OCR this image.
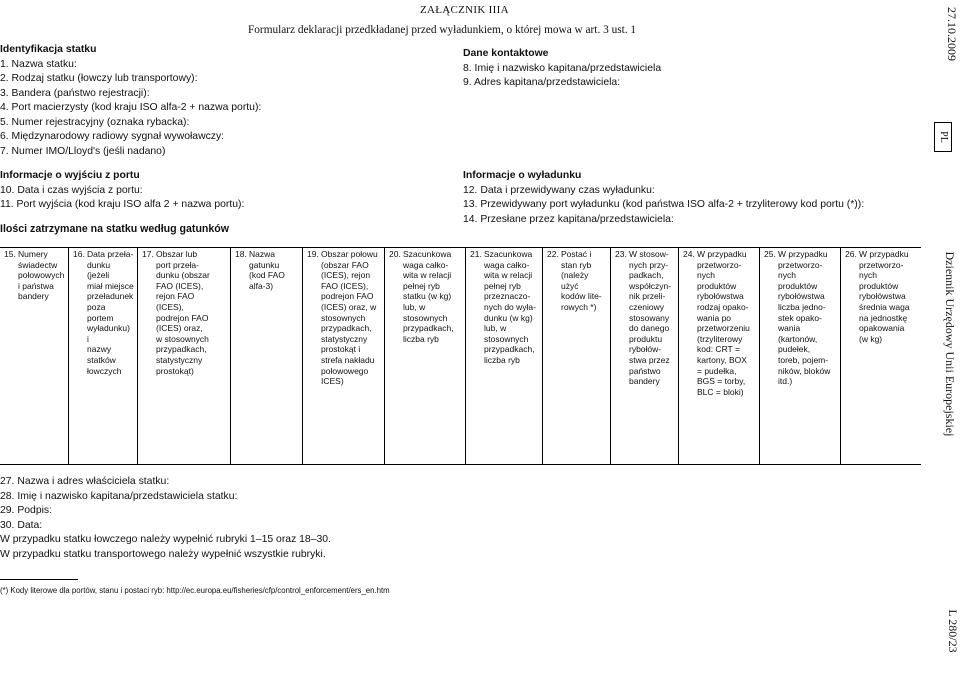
ZAŁĄCZNIK IIIA
Formularz deklaracji przedkładanej przed wyładunkiem, o której mowa w art. 3 ust. 1
Identyfikacja statku
1. Nazwa statku:
2. Rodzaj statku (łowczy lub transportowy):
3. Bandera (państwo rejestracji):
4. Port macierzysty (kod kraju ISO alfa-2 + nazwa portu):
5. Numer rejestracyjny (oznaka rybacka):
6. Międzynarodowy radiowy sygnał wywoławczy:
7. Numer IMO/Lloyd's (jeśli nadano)
Dane kontaktowe
8. Imię i nazwisko kapitana/przedstawiciela
9. Adres kapitana/przedstawiciela:
Informacje o wyjściu z portu
10. Data i czas wyjścia z portu:
11. Port wyjścia (kod kraju ISO alfa 2 + nazwa portu):
Informacje o wyładunku
12. Data i przewidywany czas wyładunku:
13. Przewidywany port wyładunku (kod państwa ISO alfa-2 + trzyliterowy kod portu (*)):
14. Przesłane przez kapitana/przedstawiciela:
Ilości zatrzymane na statku według gatunków
15. Numery
świadectw
połowowych
i państwa
bandery
16. Data przeła-
dunku (jeżeli
miał miejsce
przeładunek
poza portem
wyładunku) i
nazwy
statków
łowczych
17. Obszar lub
port przeła-
dunku (obszar
FAO (ICES),
rejon FAO
(ICES),
podrejon FAO
(ICES) oraz,
w stosownych
przypadkach,
statystyczny
prostokąt)
18. Nazwa
gatunku
(kod FAO
alfa-3)
19. Obszar połowu
(obszar FAO
(ICES), rejon
FAO (ICES),
podrejon FAO
(ICES) oraz, w
stosownych
przypadkach,
statystyczny
prostokąt i
strefa nakładu
połowowego
ICES)
20. Szacunkowa
waga całko-
wita w relacji
pełnej ryb
statku (w kg)
lub, w
stosownych
przypadkach,
liczba ryb
21. Szacunkowa
waga całko-
wita w relacji
pełnej ryb
przeznaczo-
nych do wyła-
dunku (w kg)
lub, w
stosownych
przypadkach,
liczba ryb
22. Postać i
stan ryb
(należy
użyć
kodów lite-
rowych *)
23. W stosow-
nych przy-
padkach,
współczyn-
nik przeli-
czeniowy
stosowany
do danego
produktu
rybołów-
stwa przez
państwo
bandery
24. W przypadku
przetworzo-
nych
produktów
rybołówstwa
rodzaj opako-
wania po
przetworzeniu
(trzyliterowy
kod: CRT =
kartony, BOX
= pudełka,
BGS = torby,
BLC = bloki)
25. W przypadku
przetworzo-
nych
produktów
rybołówstwa
liczba jedno-
stek opako-
wania
(kartonów,
pudełek,
toreb, pojem-
ników, bloków
itd.)
26. W przypadku
przetworzo-
nych
produktów
rybołówstwa
średnia waga
na jednostkę
opakowania
(w kg)
27. Nazwa i adres właściciela statku:
28. Imię i nazwisko kapitana/przedstawiciela statku:
29. Podpis:
30. Data:
W przypadku statku łowczego należy wypełnić rubryki 1–15 oraz 18–30.
W przypadku statku transportowego należy wypełnić wszystkie rubryki.
(*) Kody literowe dla portów, stanu i postaci ryb: http://ec.europa.eu/fisheries/cfp/control_enforcement/ers_en.htm
27.10.2009
PL
Dziennik Urzędowy Unii Europejskiej
L 280/23
